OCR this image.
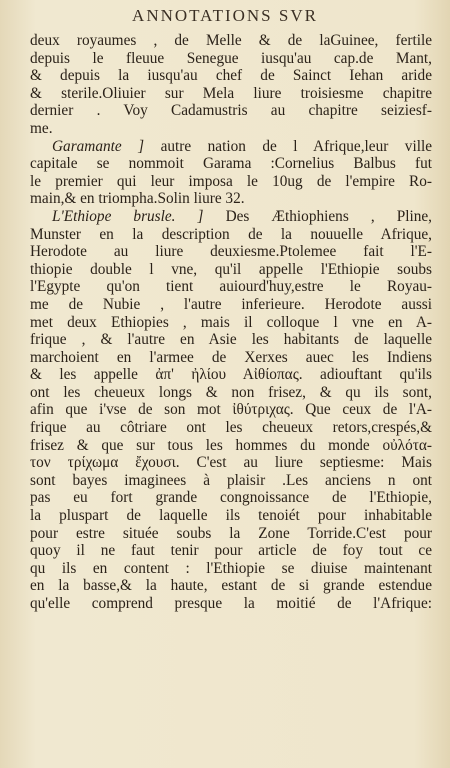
ANNOTATIONS SVR
deux royaumes , de Melle & de laGuinee, fertile
depuis le fleuue Senegue iusqu'au cap.de Mant,
& depuis la iusqu'au chef de Sainct Iehan aride
& sterile.Oliuier sur Mela liure troisiesme chapitre
dernier . Voy Cadamustris au chapitre seiziesf-
me.
Garamante ] autre nation de l Afrique,leur ville
capitale se nommoit Garama :Cornelius Balbus fut
le premier qui leur imposa le 10ug de l'empire Ro-
main,& en triompha.Solin liure 32.
L'Ethiope brusle. ] Des Æthiophiens , Pline,
Munster en la description de la nouuelle Afrique,
Herodote au liure deuxiesme.Ptolemee fait l'E-
thiopie double l vne, qu'il appelle l'Ethiopie soubs
l'Egypte qu'on tient auiourd'huy,estre le Royau-
me de Nubie , l'autre inferieure. Herodote aussi
met deux Ethiopies , mais il colloque l vne en A-
frique , & l'autre en Asie les habitants de laquelle
marchoient en l'armee de Xerxes auec les Indiens
& les appelle ἀπ' ἠλίου Αἰθίοπας. adiouftant qu'ils
ont les cheueux longs & non frisez, & qu ils sont,
afin que i'vse de son mot ἰθύτριχας. Que ceux de l'A-
frique au côtriare ont les cheueux retors,crespés,&
frisez & que sur tous les hommes du monde οὐλότα-
τον τρίχωμα ἔχουσι. C'est au liure septiesme: Mais
sont bayes imaginees à plaisir .Les anciens n ont
pas eu fort grande congnoissance de l'Ethiopie,
la pluspart de laquelle ils tenoiét pour inhabitable
pour estre située soubs la Zone Torride.C'est pour
quoy il ne faut tenir pour article de foy tout ce
qu ils en content : l'Ethiopie se diuise maintenant
en la basse,& la haute, estant de si grande estendue
qu'elle comprend presque la moitié de l'Afrique:
